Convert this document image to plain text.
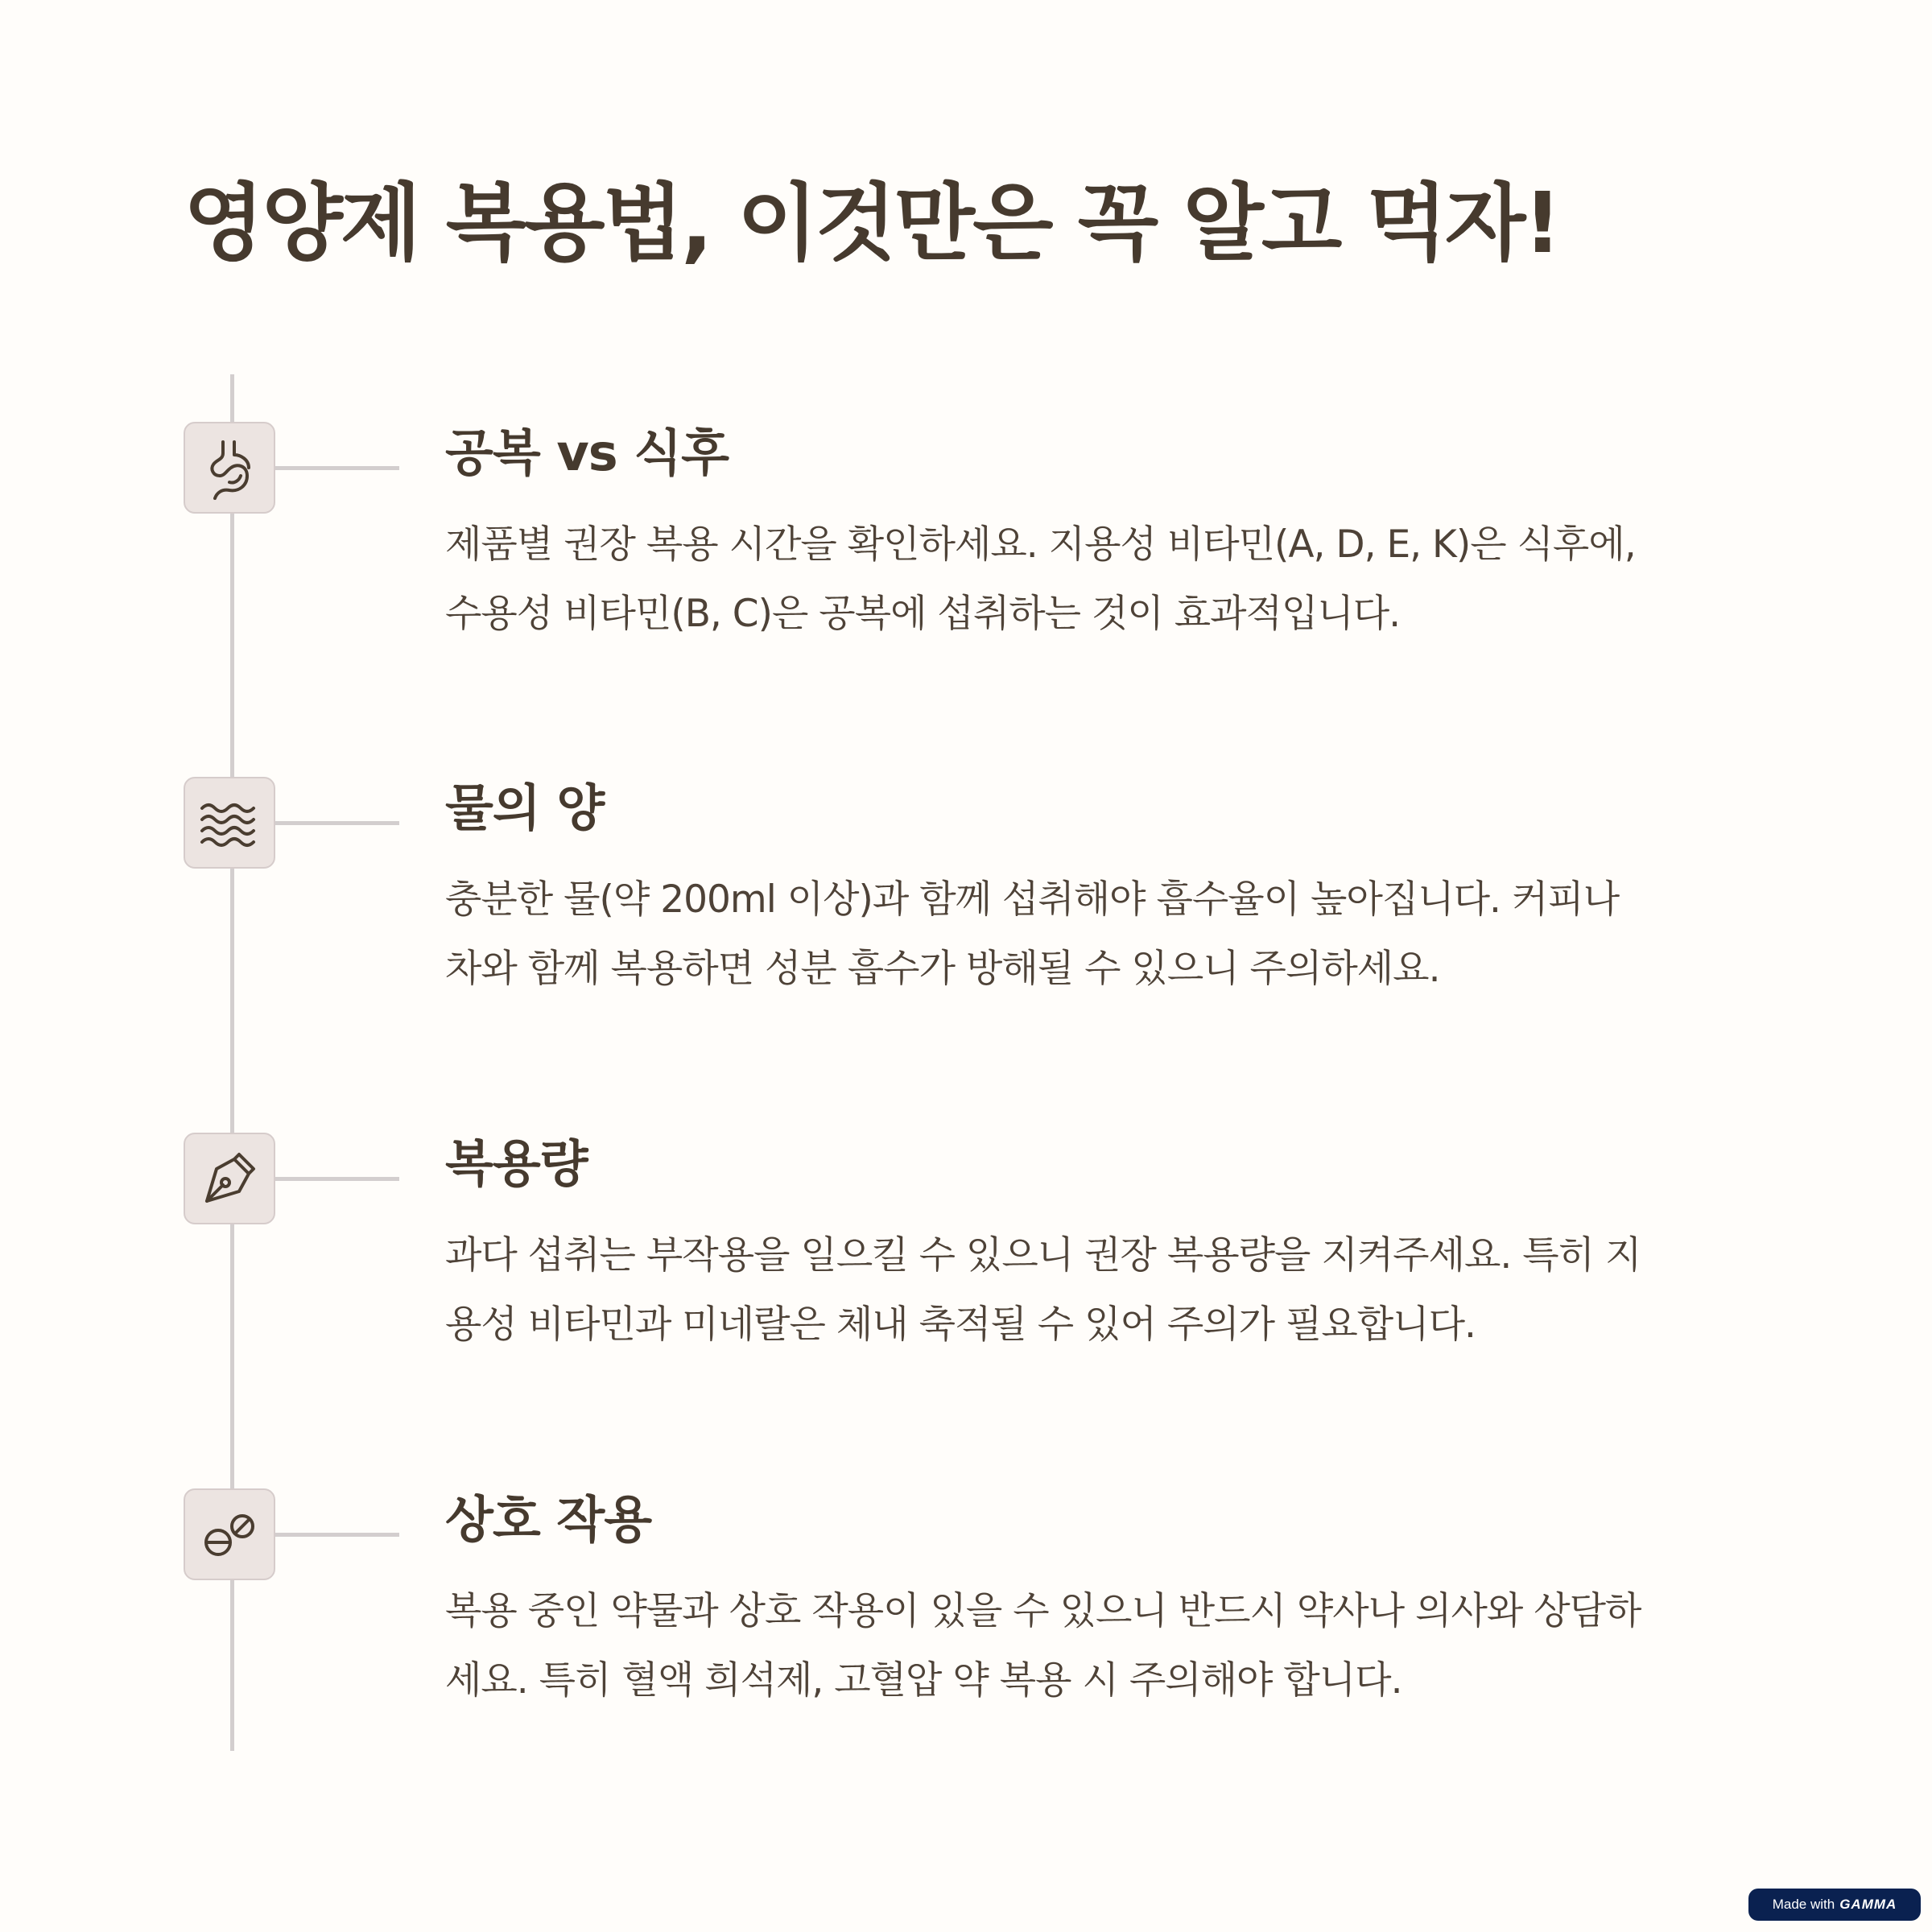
영양제 복용법, 이것만은 꼭 알고 먹자!
공복 vs 식후

제품별 권장 복용 시간을 확인하세요. 지용성 비타민(A, D, E, K)은 식후에,
수용성 비타민(B, C)은 공복에 섭취하는 것이 효과적입니다.

물의 양

충분한 물(약 200ml 이상)과 함께 섭취해야 흡수율이 높아집니다. 커피나
차와 함께 복용하면 성분 흡수가 방해될 수 있으니 주의하세요.

복용량

과다 섭취는 부작용을 일으킬 수 있으니 권장 복용량을 지켜주세요. 특히 지
용성 비타민과 미네랄은 체내 축적될 수 있어 주의가 필요합니다.

상호 작용

복용 중인 약물과 상호 작용이 있을 수 있으니 반드시 약사나 의사와 상담하
세요. 특히 혈액 희석제, 고혈압 약 복용 시 주의해야 합니다.

Made with GAMMA
